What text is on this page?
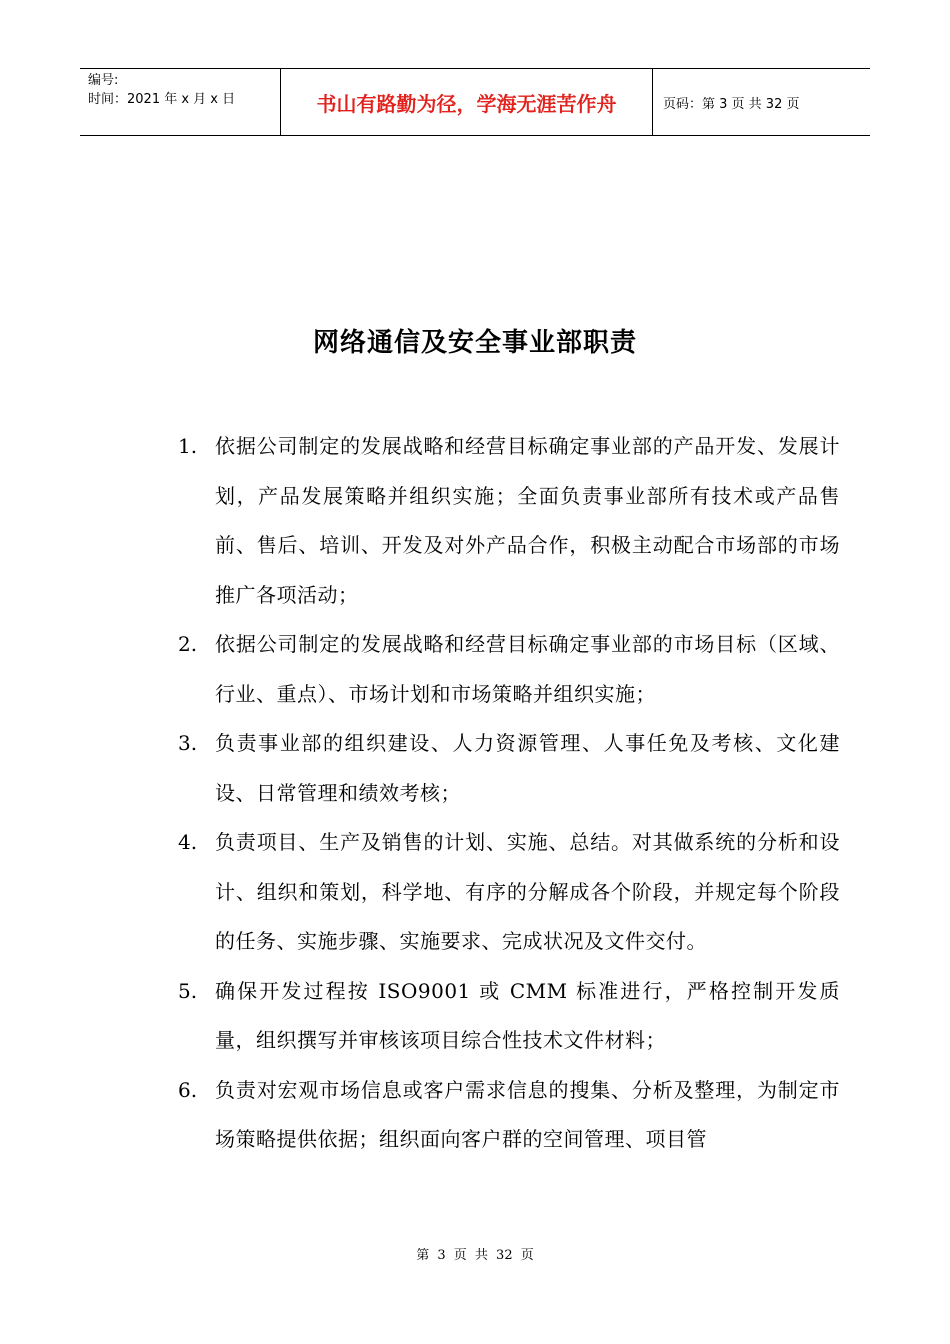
编号:
时间：2021 年 x 月 x 日	书山有路勤为径，学海无涯苦作舟	页码：第 3 页 共 32 页
网络通信及安全事业部职责
1. 依据公司制定的发展战略和经营目标确定事业部的产品开发、发展计划，产品发展策略并组织实施；全面负责事业部所有技术或产品售前、售后、培训、开发及对外产品合作，积极主动配合市场部的市场推广各项活动；
2. 依据公司制定的发展战略和经营目标确定事业部的市场目标（区域、行业、重点）、市场计划和市场策略并组织实施；
3. 负责事业部的组织建设、人力资源管理、人事任免及考核、文化建设、日常管理和绩效考核；
4. 负责项目、生产及销售的计划、实施、总结。对其做系统的分析和设计、组织和策划，科学地、有序的分解成各个阶段，并规定每个阶段的任务、实施步骤、实施要求、完成状况及文件交付。
5. 确保开发过程按 ISO9001 或 CMM 标准进行，严格控制开发质量，组织撰写并审核该项目综合性技术文件材料；
6. 负责对宏观市场信息或客户需求信息的搜集、分析及整理，为制定市场策略提供依据；组织面向客户群的空间管理、项目管
第 3 页 共 32 页
